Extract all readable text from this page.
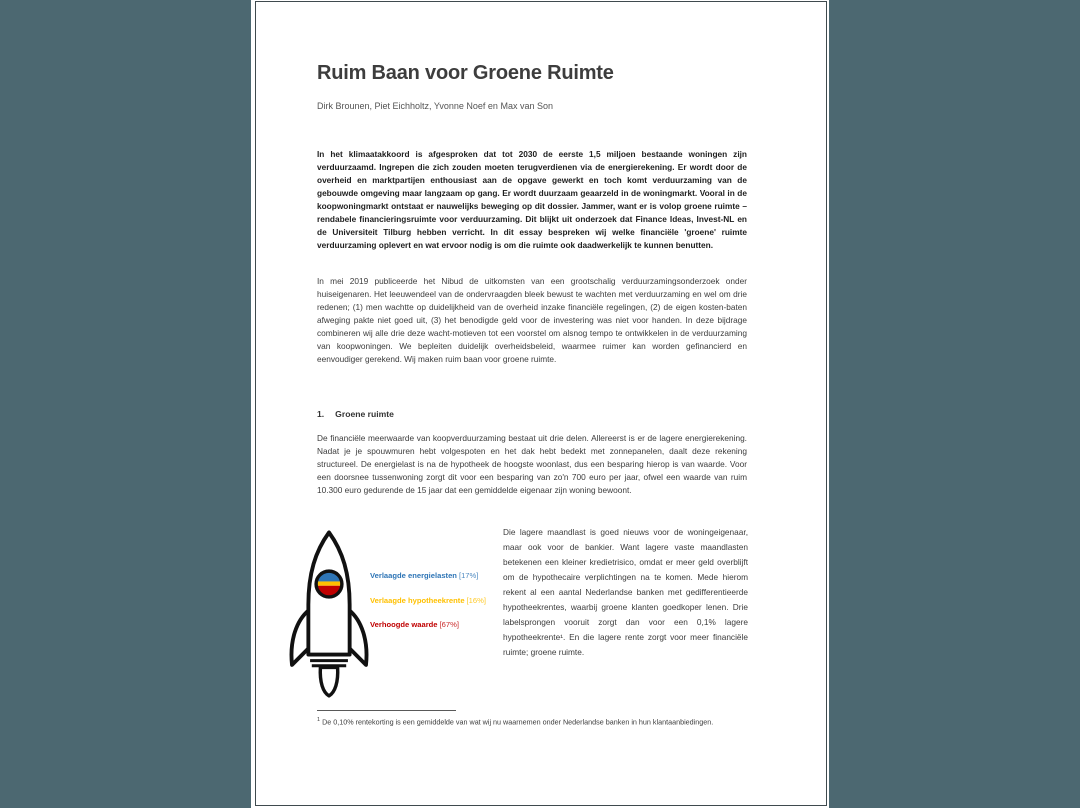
Ruim Baan voor Groene Ruimte
Dirk Brounen, Piet Eichholtz, Yvonne Noef en Max van Son

In het klimaatakkoord is afgesproken dat tot 2030 de eerste 1,5 miljoen bestaande woningen zijn verduurzaamd. Ingrepen die zich zouden moeten terugverdienen via de energierekening. Er wordt door de overheid en marktpartijen enthousiast aan de opgave gewerkt en toch komt verduurzaming van de gebouwde omgeving maar langzaam op gang. Er wordt duurzaam geaarzeld in de woningmarkt. Vooral in de koopwoningmarkt ontstaat er nauwelijks beweging op dit dossier. Jammer, want er is volop groene ruimte – rendabele financieringsruimte voor verduurzaming. Dit blijkt uit onderzoek dat Finance Ideas, Invest-NL en de Universiteit Tilburg hebben verricht. In dit essay bespreken wij welke financiële 'groene' ruimte verduurzaming oplevert en wat ervoor nodig is om die ruimte ook daadwerkelijk te kunnen benutten.

In mei 2019 publiceerde het Nibud de uitkomsten van een grootschalig verduurzamingsonderzoek onder huiseigenaren. Het leeuwendeel van de ondervraagden bleek bewust te wachten met verduurzaming en wel om drie redenen; (1) men wachtte op duidelijkheid van de overheid inzake financiële regelingen, (2) de eigen kosten-baten afweging pakte niet goed uit, (3) het benodigde geld voor de investering was niet voor handen. In deze bijdrage combineren wij alle drie deze wacht-motieven tot een voorstel om alsnog tempo te ontwikkelen in de verduurzaming van koopwoningen. We bepleiten duidelijk overheidsbeleid, waarmee ruimer kan worden gefinancierd en eenvoudiger gerekend. Wij maken ruim baan voor groene ruimte.

1. Groene ruimte

De financiële meerwaarde van koopverduurzaming bestaat uit drie delen. Allereerst is er de lagere energierekening. Nadat je je spouwmuren hebt volgespoten en het dak hebt bedekt met zonnepanelen, daalt deze rekening structureel. De energielast is na de hypotheek de hoogste woonlast, dus een besparing hierop is van waarde. Voor een doorsnee tussenwoning zorgt dit voor een besparing van zo'n 700 euro per jaar, ofwel een waarde van ruim 10.300 euro gedurende de 15 jaar dat een gemiddelde eigenaar zijn woning bewoont.

Verlaagde energielasten [17%]
Verlaagde hypotheekrente [16%]
Verhoogde waarde [67%]

Die lagere maandlast is goed nieuws voor de woningeigenaar, maar ook voor de bankier. Want lagere vaste maandlasten betekenen een kleiner kredietrisico, omdat er meer geld overblijft om de hypothecaire verplichtingen na te komen. Mede hierom rekent al een aantal Nederlandse banken met gedifferentieerde hypotheekrentes, waarbij groene klanten goedkoper lenen. Drie labelsprongen vooruit zorgt dan voor een 0,1% lagere hypotheekrente¹. En die lagere rente zorgt voor meer financiële ruimte; groene ruimte.

$^1$ De 0,10% rentekorting is een gemiddelde van wat wij nu waarnemen onder Nederlandse banken in hun klantaanbiedingen.
